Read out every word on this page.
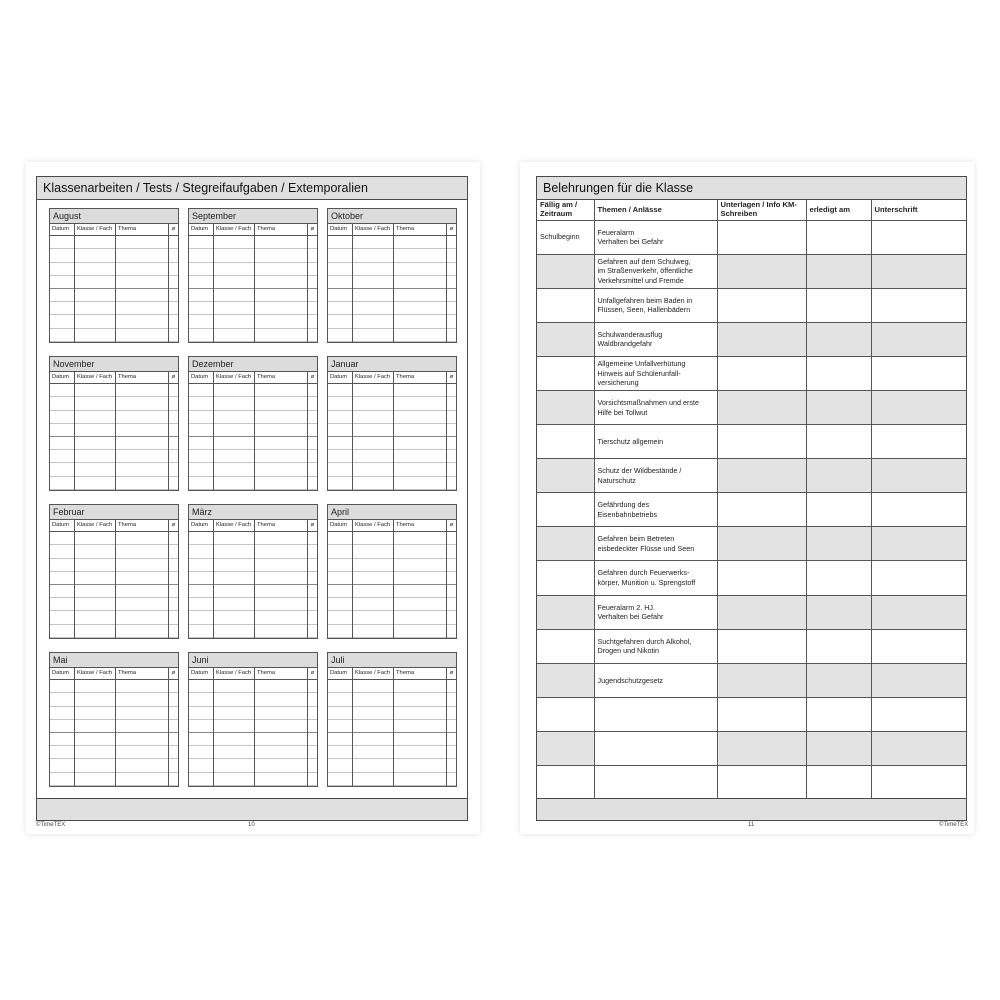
Klassenarbeiten / Tests / Stegreifaufgaben / Extemporalien
August
Datum	Klasse / Fach	Thema	ø
September
Datum	Klasse / Fach	Thema	ø
Oktober
Datum	Klasse / Fach	Thema	ø
November
Datum	Klasse / Fach	Thema	ø
Dezember
Datum	Klasse / Fach	Thema	ø
Januar
Datum	Klasse / Fach	Thema	ø
Februar
Datum	Klasse / Fach	Thema	ø
März
Datum	Klasse / Fach	Thema	ø
April
Datum	Klasse / Fach	Thema	ø
Mai
Datum	Klasse / Fach	Thema	ø
Juni
Datum	Klasse / Fach	Thema	ø
Juli
Datum	Klasse / Fach	Thema	ø
©TimeTEX	10
Belehrungen für die Klasse
Fällig am / Zeitraum	Themen / Anlässe	Unterlagen / Info KM-Schreiben	erledigt am	Unterschrift
Schulbeginn	Feueralarm
Verhalten bei Gefahr			
	Gefahren auf dem Schulweg,
im Straßenverkehr, öffentliche
Verkehrsmittel und Fremde			
	Unfallgefahren beim Baden in
Flüssen, Seen, Hallenbädern			
	Schulwanderausflug
Waldbrandgefahr			
	Allgemeine Unfallverhütung
Hinweis auf Schülerunfall-
versicherung			
	Vorsichtsmaßnahmen und erste
Hilfe bei Tollwut			
	Tierschutz allgemein			
	Schutz der Wildbestände /
Naturschutz			
	Gefährdung des
Eisenbahnbetriebs			
	Gefahren beim Betreten
eisbedeckter Flüsse und Seen			
	Gefahren durch Feuerwerks-
körper, Munition u. Sprengstoff			
	Feueralarm 2. HJ.
Verhalten bei Gefahr			
	Suchtgefahren durch Alkohol,
Drogen und Nikotin			
	Jugendschutzgesetz			

11	©TimeTEX
